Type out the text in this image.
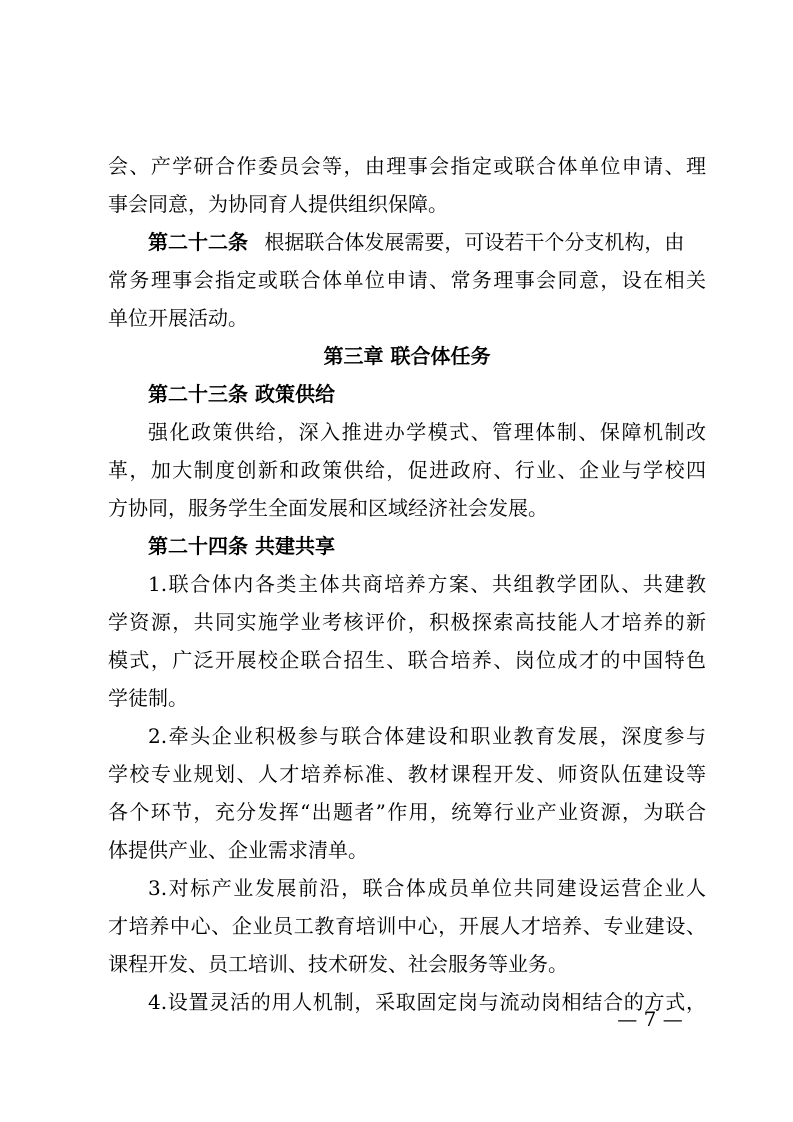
会、产学研合作委员会等，由理事会指定或联合体单位申请、理
事会同意，为协同育人提供组织保障。
第二十二条 根据联合体发展需要，可设若干个分支机构，由
常务理事会指定或联合体单位申请、常务理事会同意，设在相关
单位开展活动。
第三章 联合体任务
第二十三条 政策供给
强化政策供给，深入推进办学模式、管理体制、保障机制改
革，加大制度创新和政策供给，促进政府、行业、企业与学校四
方协同，服务学生全面发展和区域经济社会发展。
第二十四条 共建共享
1.联合体内各类主体共商培养方案、共组教学团队、共建教
学资源，共同实施学业考核评价，积极探索高技能人才培养的新
模式，广泛开展校企联合招生、联合培养、岗位成才的中国特色
学徒制。
2.牵头企业积极参与联合体建设和职业教育发展，深度参与
学校专业规划、人才培养标准、教材课程开发、师资队伍建设等
各个环节，充分发挥“出题者”作用，统筹行业产业资源，为联合
体提供产业、企业需求清单。
3.对标产业发展前沿，联合体成员单位共同建设运营企业人
才培养中心、企业员工教育培训中心，开展人才培养、专业建设、
课程开发、员工培训、技术研发、社会服务等业务。
4.设置灵活的用人机制，采取固定岗与流动岗相结合的方式，
— 7 —
